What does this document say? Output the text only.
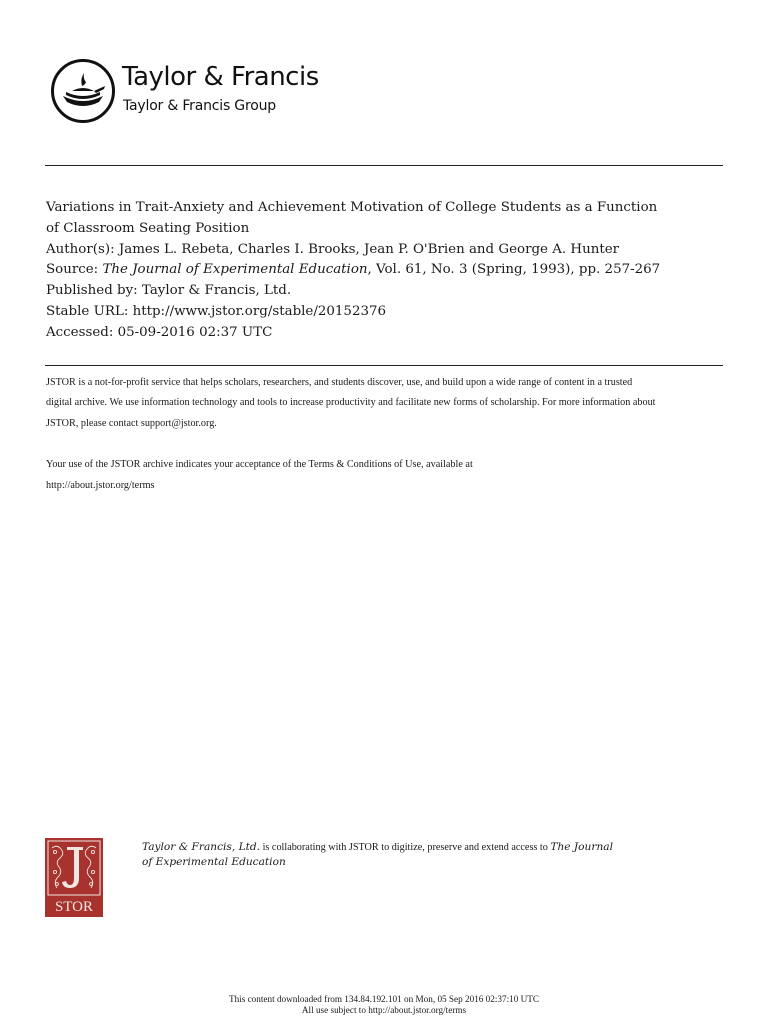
Taylor & Francis
Taylor & Francis Group
Variations in Trait-Anxiety and Achievement Motivation of College Students as a Function
of Classroom Seating Position
Author(s): James L. Rebeta, Charles I. Brooks, Jean P. O'Brien and George A. Hunter
Source: The Journal of Experimental Education, Vol. 61, No. 3 (Spring, 1993), pp. 257-267
Published by: Taylor & Francis, Ltd.
Stable URL: http://www.jstor.org/stable/20152376
Accessed: 05-09-2016 02:37 UTC

JSTOR is a not-for-profit service that helps scholars, researchers, and students discover, use, and build upon a wide range of content in a trusted

digital archive. We use information technology and tools to increase productivity and facilitate new forms of scholarship. For more information about

JSTOR, please contact support@jstor.org.

Your use of the JSTOR archive indicates your acceptance of the Terms & Conditions of Use, available at

http://about.jstor.org/terms

STOR
Taylor & Francis, Ltd. is collaborating with JSTOR to digitize, preserve and extend access to The Journal
of Experimental Education
This content downloaded from 134.84.192.101 on Mon, 05 Sep 2016 02:37:10 UTC
All use subject to http://about.jstor.org/terms
